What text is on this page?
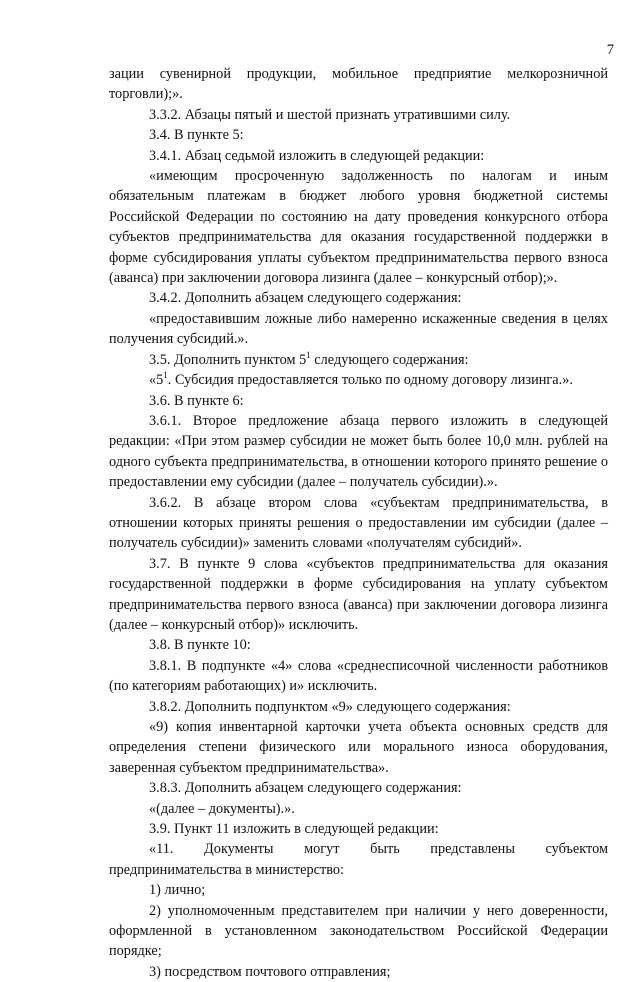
7

зации сувенирной продукции, мобильное предприятие мелкорозничной торговли);».

3.3.2. Абзацы пятый и шестой признать утратившими силу.

3.4. В пункте 5:

3.4.1. Абзац седьмой изложить в следующей редакции:

«имеющим просроченную задолженность по налогам и иным обязательным платежам в бюджет любого уровня бюджетной системы Российской Федерации по состоянию на дату проведения конкурсного отбора субъектов предпринимательства для оказания государственной поддержки в форме субсидирования уплаты субъектом предпринимательства первого взноса (аванса) при заключении договора лизинга (далее – конкурсный отбор);».

3.4.2. Дополнить абзацем следующего содержания:

«предоставившим ложные либо намеренно искаженные сведения в целях получения субсидий.».

3.5. Дополнить пунктом $5^1$ следующего содержания:

«$5^1$. Субсидия предоставляется только по одному договору лизинга.».

3.6. В пункте 6:

3.6.1. Второе предложение абзаца первого изложить в следующей редакции: «При этом размер субсидии не может быть более 10,0 млн. рублей на одного субъекта предпринимательства, в отношении которого принято решение о предоставлении ему субсидии (далее – получатель субсидии).».

3.6.2. В абзаце втором слова «субъектам предпринимательства, в отношении которых приняты решения о предоставлении им субсидии (далее – получатель субсидии)» заменить словами «получателям субсидий».

3.7. В пункте 9 слова «субъектов предпринимательства для оказания государственной поддержки в форме субсидирования на уплату субъектом предпринимательства первого взноса (аванса) при заключении договора лизинга (далее – конкурсный отбор)» исключить.

3.8. В пункте 10:

3.8.1. В подпункте «4» слова «среднесписочной численности работников (по категориям работающих) и» исключить.

3.8.2. Дополнить подпунктом «9» следующего содержания:

«9) копия инвентарной карточки учета объекта основных средств для определения степени физического или морального износа оборудования, заверенная субъектом предпринимательства».

3.8.3. Дополнить абзацем следующего содержания:

«(далее – документы).».

3.9. Пункт 11 изложить в следующей редакции:

«11. Документы могут быть представлены субъектом предпринимательства в министерство:

1) лично;

2) уполномоченным представителем при наличии у него доверенности, оформленной в установленном законодательством Российской Федерации порядке;

3) посредством почтового отправления;
